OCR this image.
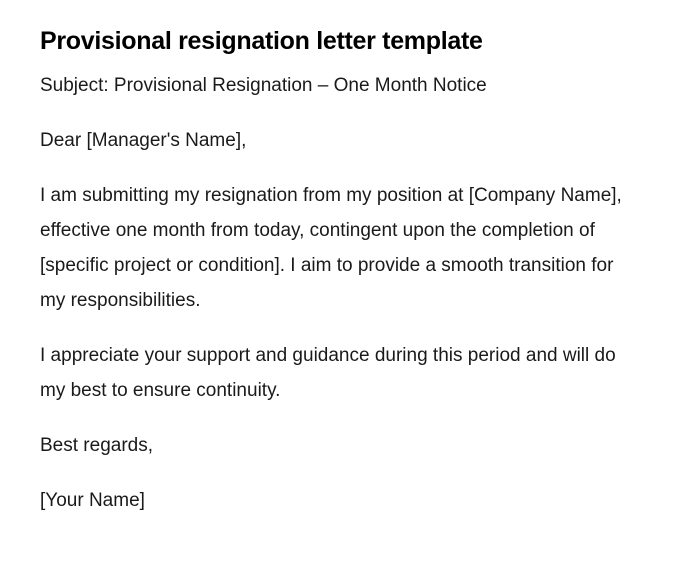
Provisional resignation letter template

Subject: Provisional Resignation – One Month Notice

Dear [Manager's Name],

I am submitting my resignation from my position at [Company Name], effective one month from today, contingent upon the completion of [specific project or condition]. I aim to provide a smooth transition for my responsibilities.

I appreciate your support and guidance during this period and will do my best to ensure continuity.

Best regards,

[Your Name]
